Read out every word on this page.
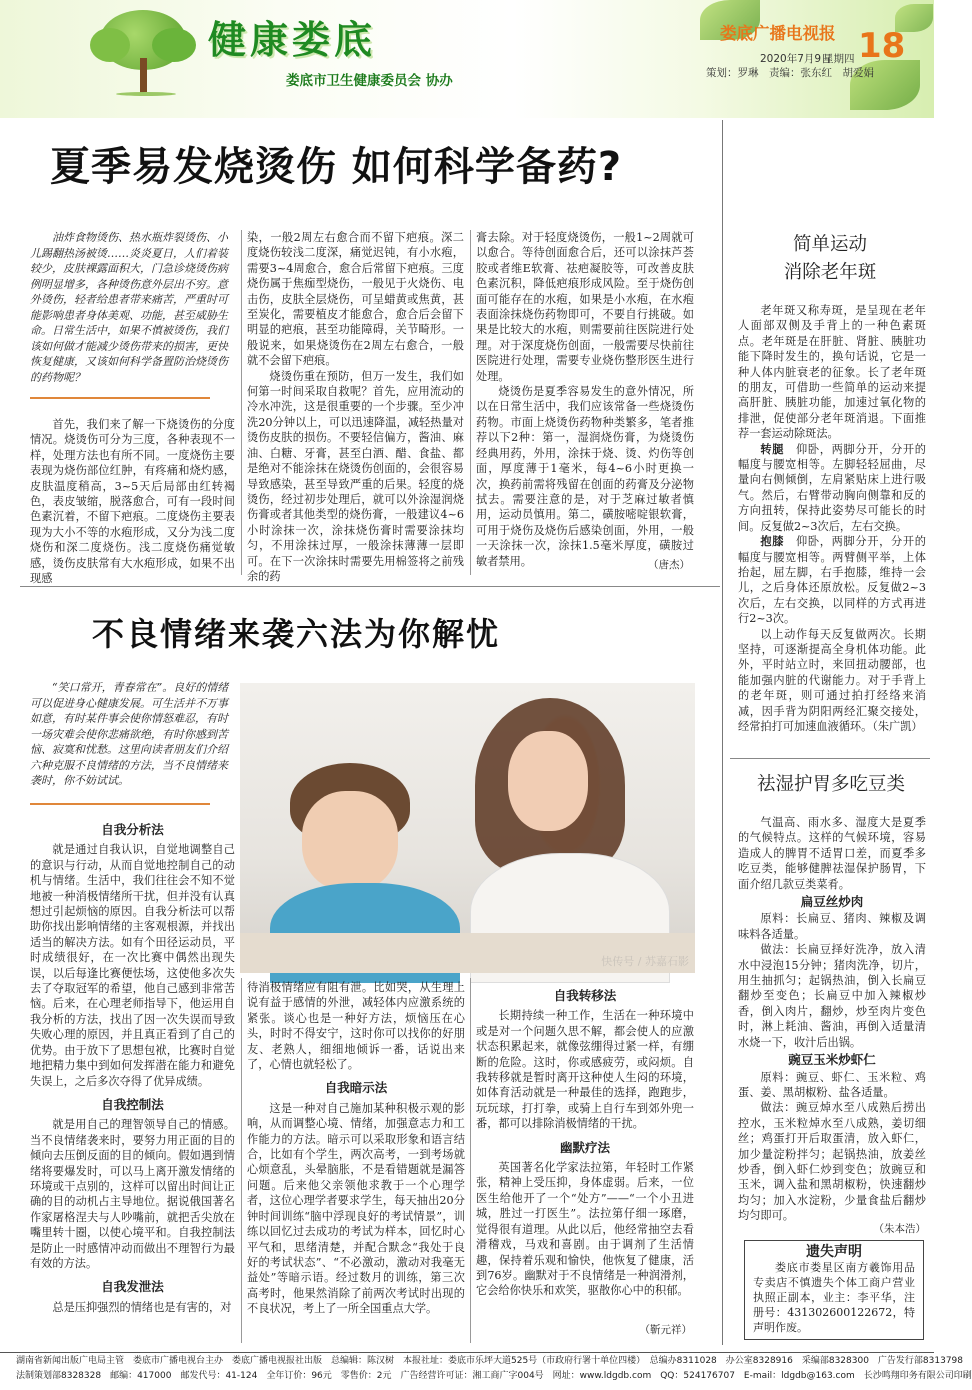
健康娄底
娄底市卫生健康委员会 协办
娄底广播电视报
2020年7月9日
星期四 18
策划：罗琳　责编：张东红　胡爱娟
夏季易发烧烫伤 如何科学备药?
油炸食物烫伤、热水瓶炸裂烫伤、小儿踢翻热汤被烫……炎炎夏日，人们着装较少，皮肤裸露面积大，门急诊烧烫伤病例明显增多，各种烫伤意外层出不穷。意外烫伤，轻者给患者带来痛苦，严重时可能影响患者身体美观、功能，甚至威胁生命。日常生活中，如果不慎被烫伤，我们该如何做才能减少烫伤带来的损害，更快恢复健康，又该如何科学备置防治烧烫伤的药物呢？

首先，我们来了解一下烧烫伤的分度情况。烧烫伤可分为三度，各种表现不一样，处理方法也有所不同。一度烧伤主要表现为烧伤部位红肿，有疼痛和烧灼感，皮肤温度稍高，3~5天后局部由红转褐色，表皮皱缩，脱落愈合，可有一段时间色素沉着，不留下疤痕。二度烧伤主要表现为大小不等的水疱形成，又分为浅二度烧伤和深二度烧伤。浅二度烧伤痛觉敏感，烫伤皮肤常有大水疱形成，如果不出现感

染，一般2周左右愈合而不留下疤痕。深二度烧伤较浅二度深，痛觉迟钝，有小水疱，需要3~4周愈合，愈合后常留下疤痕。三度烧伤属于焦痂型烧伤，一般见于火烧伤、电击伤，皮肤全层烧伤，可呈蜡黄或焦黄，甚至炭化，需要植皮才能愈合，愈合后会留下明显的疤痕，甚至功能障碍，关节畸形。一般说来，如果烧烫伤在2周左右愈合，一般就不会留下疤痕。

烧烫伤重在预防，但万一发生，我们如何第一时间采取自救呢？首先，应用流动的冷水冲洗，这是很重要的一个步骤。至少冲洗20分钟以上，可以迅速降温，减轻热量对烫伤皮肤的损伤。不要轻信偏方，酱油、麻油、白糖、牙膏，甚至白酒、醋、食盐、都是绝对不能涂抹在烧烫伤创面的，会很容易导致感染，甚至导致严重的后果。轻度的烧烫伤，经过初步处理后，就可以外涂湿润烧伤膏或者其他类型的烧伤膏，一般建议4~6小时涂抹一次，涂抹烧伤膏时需要涂抹均匀，不用涂抹过厚，一般涂抹薄薄一层即可。在下一次涂抹时需要先用棉签将之前残余的药

膏去除。对于轻度烧烫伤，一般1~2周就可以愈合。等待创面愈合后，还可以涂抹芦荟胶或者维E软膏、祛疤凝胶等，可改善皮肤色素沉积，降低疤痕形成风险。至于烧伤创面可能存在的水疱，如果是小水疱，在水疱表面涂抹烧伤药物即可，不要自行挑破。如果是比较大的水疱，则需要前往医院进行处理。对于深度烧伤创面，一般需要尽快前往医院进行处理，需要专业烧伤整形医生进行处理。

烧烫伤是夏季容易发生的意外情况，所以在日常生活中，我们应该常备一些烧烫伤药物。市面上烧烫伤药物种类繁多，笔者推荐以下2种：第一，湿润烧伤膏，为烧烫伤经典用药，外用，涂抹于烧、烫、灼伤等创面，厚度薄于1毫米，每4~6小时更换一次，换药前需将残留在创面的药膏及分泌物拭去。需要注意的是，对于芝麻过敏者慎用，运动员慎用。第二，磺胺嘧啶银软膏，可用于烧伤及烧伤后感染创面，外用，一般一天涂抹一次，涂抹1.5毫米厚度，磺胺过敏者禁用。	（唐杰）
不良情绪来袭六法为你解忧
“笑口常开，青春常在”。良好的情绪可以促进身心健康发展。可生活并不万事如意，有时某件事会使你情怒难忍，有时一场灾难会使你悲痛欲绝，有时你感到苦恼、寂寞和忧愁。这里向读者朋友们介绍六种克服不良情绪的方法，当不良情绪来袭时，你不妨试试。
快传号 / 苏嘉石影
自我分析法

就是通过自我认识，自觉地调整自己的意识与行动，从而自觉地控制自己的动机与情绪。生活中，我们往往会不知不觉地被一种消极情绪所干扰，但并没有认真想过引起烦恼的原因。自我分析法可以帮助你找出影响情绪的主客观根源，并找出适当的解决方法。如有个田径运动员，平时成绩很好，在一次比赛中偶然出现失误，以后每逢比赛便怯场，这使他多次失去了夺取冠军的希望，他自己感到非常苦恼。后来，在心理老师指导下，他运用自我分析的方法，找出了因一次失误而导致失败心理的原因，并且真正看到了自己的优势。由于放下了思想包袱，比赛时自觉地把精力集中到如何发挥潜在能力和避免失误上，之后多次夺得了优异成绩。

自我控制法

就是用自己的理智领导自己的情感。当不良情绪袭来时，要努力用正面的目的倾向去压倒反面的目的倾向。假如遇到情绪将要爆发时，可以马上离开激发情绪的环境或干点别的，这样可以留出时间让正确的目的动机占主导地位。据说俄国著名作家屠格涅夫与人吵嘴前，就把舌尖放在嘴里转十圈，以使心境平和。自我控制法是防止一时感情冲动而做出不理智行为最有效的方法。

自我发泄法

总是压抑强烈的情绪也是有害的，对

待消极情绪应有阻有泄。比如哭，从生理上说有益于感情的外泄，减轻体内应激系统的紧张。谈心也是一种好方法，烦恼压在心头，时时不得安宁，这时你可以找你的好朋友、老熟人，细细地倾诉一番，话说出来了，心情也就轻松了。

自我暗示法

这是一种对自己施加某种积极示观的影响，从而调整心境、情绪，加强意志力和工作能力的方法。暗示可以采取形象和语言结合，比如有个学生，两次高考，一到考场就心烦意乱，头晕脑胀，不是看错题就是漏答问题。后来他父亲领他求教于一个心理学者，这位心理学者要求学生，每天抽出20分钟时间训练“脑中浮现良好的考试情景”，训练以回忆过去成功的考试为样本，回忆时心平气和，思绪清楚，并配合默念“我处于良好的考试状态”、“不必激动，激动对我毫无益处”等暗示语。经过数月的训练，第三次高考时，他果然消除了前两次考试时出现的不良状况，考上了一所全国重点大学。

自我转移法

长期持续一种工作，生活在一种环境中或是对一个问题久思不解，都会使人的应激状态积累起来，就像弦绷得过紧一样，有绷断的危险。这时，你或感疲劳，或闷烦。自我转移就是暂时离开这种使人生闷的环境，如体育活动就是一种最佳的选择，跑跑步，玩玩球，打打拳，或骑上自行车到郊外兜一番，都可以排除消极情绪的干扰。

幽默疗法

英国著名化学家法拉第，年轻时工作紧张，精神上受压抑，身体虚弱。后来，一位医生给他开了一个“处方”——“一个小丑进城，胜过一打医生”。法拉第仔细一琢磨，觉得很有道理。从此以后，他经常抽空去看滑稽戏，马戏和喜剧。由于调剂了生活情趣，保持着乐观和愉快，他恢复了健康，活到76岁。幽默对于不良情绪是一种润滑剂，它会给你快乐和欢笑，驱散你心中的积郁。

（靳元祥）
简单运动
消除老年斑

老年斑又称寿斑，是呈现在老年人面部双侧及手背上的一种色素斑点。老年斑是在肝脏、肾脏、胰脏功能下降时发生的，换句话说，它是一种人体内脏衰老的征象。长了老年斑的朋友，可借助一些简单的运动来提高肝脏、胰脏功能，加速过氧化物的排泄，促使部分老年斑消退。下面推荐一套运动除斑法。

转腿　 仰卧，两脚分开，分开的幅度与腰宽相等。左脚轻轻屈曲，尽量向右侧倾倒，左肩紧贴床上进行吸气。然后，右臂带动胸向侧靠和反的方向扭转，保持此姿势尽可能长的时间。反复做2~3次后，左右交换。

抱膝　 仰卧，两脚分开，分开的幅度与腰宽相等。两臂侧平举，上体抬起，屈左脚，右手抱膝，维持一会儿，之后身体还原放松。反复做2~3次后，左右交换，以同样的方式再进行2~3次。

以上动作每天反复做两次。长期坚持，可逐渐提高全身机体功能。此外，平时站立时，来回扭动腰部，也能加强内脏的代谢能力。对于手背上的老年斑，则可通过拍打经络来消减，因手背为阴阳两经汇聚交接处，经常拍打可加速血液循环。（朱广凯）

祛湿护胃多吃豆类

气温高、雨水多、湿度大是夏季的气候特点。这样的气候环境，容易造成人的脾胃不适胃口差，而夏季多吃豆类，能够健脾祛湿保护肠胃，下面介绍几款豆类菜肴。

扁豆丝炒肉

原料：长扁豆、猪肉、辣椒及调味料各适量。

做法：长扁豆择好洗净，放入清水中浸泡15分钟；猪肉洗净，切片，用生抽抓匀；起锅热油，倒入长扁豆翻炒至变色；长扁豆中加入辣椒炒香，倒入肉片，翻炒，炒至肉片变色时，淋上耗油、酱油，再倒入适量清水烧一下，收汁后出锅。

豌豆玉米炒虾仁

原料：豌豆、虾仁、玉米粒、鸡蛋、姜、黑胡椒粉、盐各适量。

做法：豌豆焯水至八成熟后捞出控水，玉米粒焯水至八成熟，姜切细丝；鸡蛋打开后取蛋清，放入虾仁，加少量淀粉拌匀；起锅热油，放姜丝炒香，倒入虾仁炒到变色；放豌豆和玉米，调入盐和黑胡椒粉，快速翻炒均匀；加入水淀粉，少量食盐后翻炒均匀即可。

（朱本浩）
遗失声明
娄底市娄星区南方羲饰用品专卖店不慎遗失个体工商户营业执照正副本，业主：李平华，注册号：431302600122672，特声明作废。
湖南省新闻出版广电局主管　娄底市广播电视台主办　娄底广播电视报社出版　总编辑：陈汉树　本报社址：娄底市乐坪大道525号（市政府行署十单位四楼）　总编办8311028　办公室8328916　采编部8328300　广告发行部8313798
法制策划部8328328　邮编：417000　邮发代号：41-124　全年订价：96元　零售价：2元　广告经营许可证：湘工商广字004号　网址：www.ldgdb.com　QQ：524176707　E-mail：ldgdb@163.com　长沙鸣翔印务有限公司印刷
